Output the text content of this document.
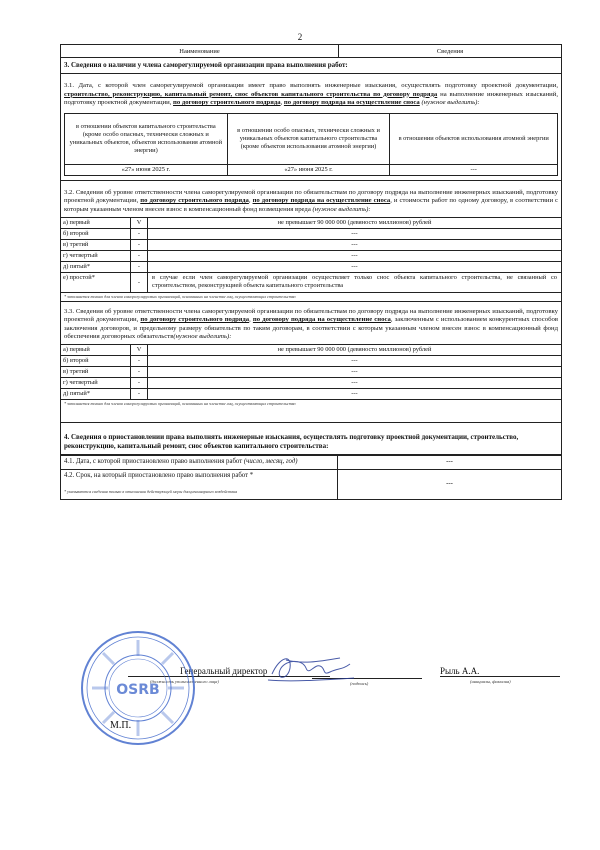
2
Наименование	Сведения
3. Сведения о наличии у члена саморегулируемой организации права выполнения работ:
3.1. Дата, с которой член саморегулируемой организации имеет право выполнять инженерные изыскания, осуществлять подготовку проектной документации, строительство, реконструкцию, капитальный ремонт, снос объектов капитального строительства по договору подряда на выполнение инженерных изысканий, подготовку проектной документации, по договору строительного подряда, по договору подряда на осуществление сноса (нужное выделить):
в отношении объектов капитального строительства (кроме особо опасных, технически сложных и уникальных объектов, объектов использования атомной энергии)	в отношении особо опасных, технически сложных и уникальных объектов капитального строительства (кроме объектов использования атомной энергии)	в отношении объектов использования атомной энергии
«27» июня 2025 г.	«27» июня 2025 г.	---
3.2. Сведения об уровне ответственности члена саморегулируемой организации по обязательствам по договору подряда на выполнение инженерных изысканий, подготовку проектной документации, по договору строительного подряда, по договору подряда на осуществление сноса, и стоимости работ по одному договору, в соответствии с которым указанным членом внесен взнос в компенсационный фонд возмещения вреда (нужное выделить):
а) первый	V	не превышает 90 000 000 (девяносто миллионов) рублей
б) второй	-	---
в) третий	-	---
г) четвертый	-	---
д) пятый*	-	---
е) простой*	-	в случае если член саморегулируемой организации осуществляет только снос объекта капитального строительства, не связанный со строительством, реконструкцией объекта капитального строительства
* заполняется только для членов саморегулируемых организаций, основанных на членстве лиц, осуществляющих строительство
3.3. Сведения об уровне ответственности члена саморегулируемой организации по обязательствам по договору подряда на выполнение инженерных изысканий, подготовку проектной документации, по договору строительного подряда, по договору подряда на осуществление сноса, заключенным с использованием конкурентных способов заключения договоров, и предельному размеру обязательств по таким договорам, в соответствии с которым указанным членом внесен взнос в компенсационный фонд обеспечения договорных обязательств(нужное выделить):
а) первый	V	не превышает 90 000 000 (девяносто миллионов) рублей
б) второй	-	---
в) третий	-	---
г) четвертый	-	---
д) пятый*	-	---
* заполняется только для членов саморегулируемых организаций, основанных на членстве лиц, осуществляющих строительство
4. Сведения о приостановлении права выполнять инженерные изыскания, осуществлять подготовку проектной документации, строительство, реконструкцию, капитальный ремонт, снос объектов капитального строительства:
4.1. Дата, с которой приостановлено право выполнения работ (число, месяц, год)	---

4.2. Срок, на который приостановлено право выполнения работ *
* указываются сведения только в отношении действующей меры дисциплинарного воздействия	---
Генеральный директор
(должность уполномоченного лица)	(подпись)
Рыль А.А.
(инициалы, фамилия)
М.П.
OSRB
